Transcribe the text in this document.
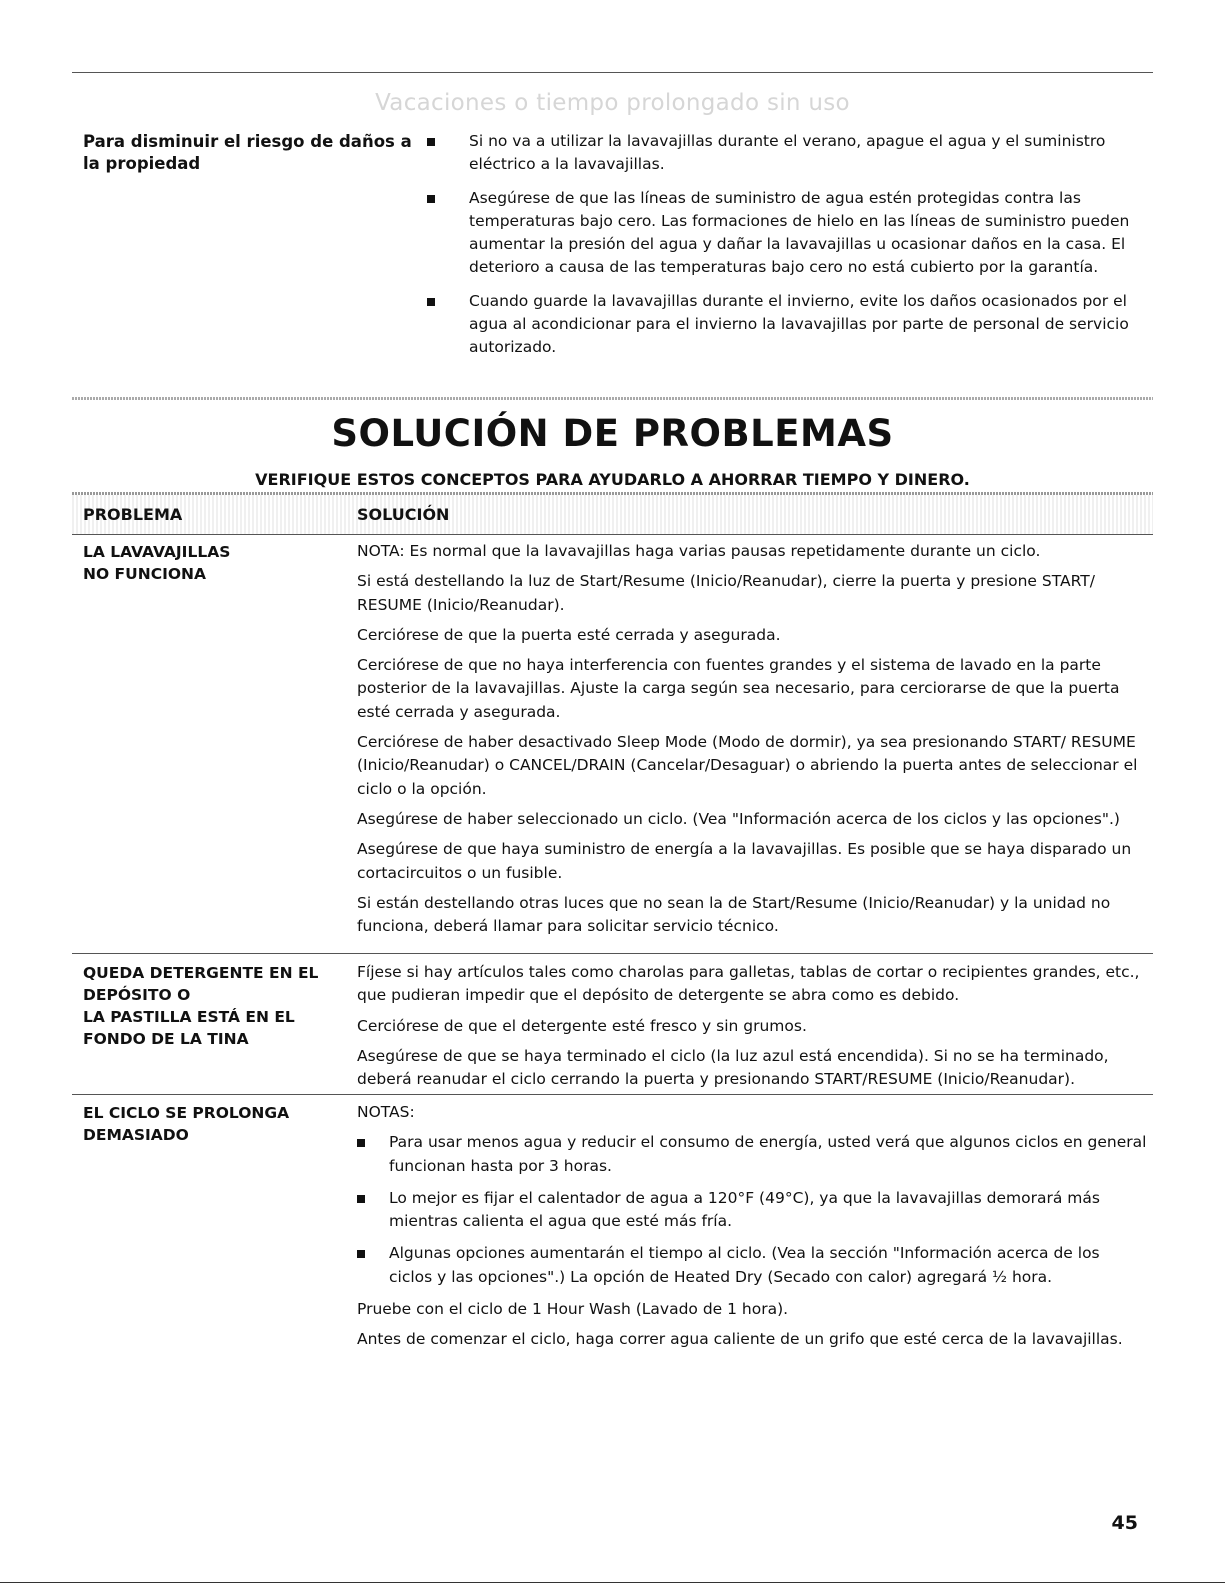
Vacaciones o tiempo prolongado sin uso
Para disminuir el riesgo de daños a la propiedad
Si no va a utilizar la lavavajillas durante el verano, apague el agua y el suministro eléctrico a la lavavajillas.
Asegúrese de que las líneas de suministro de agua estén protegidas contra las temperaturas bajo cero. Las formaciones de hielo en las líneas de suministro pueden aumentar la presión del agua y dañar la lavavajillas u ocasionar daños en la casa. El deterioro a causa de las temperaturas bajo cero no está cubierto por la garantía.
Cuando guarde la lavavajillas durante el invierno, evite los daños ocasionados por el agua al acondicionar para el invierno la lavavajillas por parte de personal de servicio autorizado.
SOLUCIÓN DE PROBLEMAS
VERIFIQUE ESTOS CONCEPTOS PARA AYUDARLO A AHORRAR TIEMPO Y DINERO.
PROBLEMA	SOLUCIÓN

LA LAVAVAJILLAS

NO FUNCIONA

NOTA: Es normal que la lavavajillas haga varias pausas repetidamente durante un ciclo.

Si está destellando la luz de Start/Resume (Inicio/Reanudar), cierre la puerta y presione START/ RESUME (Inicio/Reanudar).

Cerciórese de que la puerta esté cerrada y asegurada.

Cerciórese de que no haya interferencia con fuentes grandes y el sistema de lavado en la parte posterior de la lavavajillas. Ajuste la carga según sea necesario, para cerciorarse de que la puerta esté cerrada y asegurada.

Cerciórese de haber desactivado Sleep Mode (Modo de dormir), ya sea presionando START/ RESUME (Inicio/Reanudar) o CANCEL/DRAIN (Cancelar/Desaguar) o abriendo la puerta antes de seleccionar el ciclo o la opción.

Asegúrese de haber seleccionado un ciclo. (Vea "Información acerca de los ciclos y las opciones".)

Asegúrese de que haya suministro de energía a la lavavajillas. Es posible que se haya disparado un cortacircuitos o un fusible.

Si están destellando otras luces que no sean la de Start/Resume (Inicio/Reanudar) y la unidad no funciona, deberá llamar para solicitar servicio técnico.

QUEDA DETERGENTE EN EL DEPÓSITO O

LA PASTILLA ESTÁ EN EL FONDO DE LA TINA

Fíjese si hay artículos tales como charolas para galletas, tablas de cortar o recipientes grandes, etc., que pudieran impedir que el depósito de detergente se abra como es debido.

Cerciórese de que el detergente esté fresco y sin grumos.

Asegúrese de que se haya terminado el ciclo (la luz azul está encendida). Si no se ha terminado, deberá reanudar el ciclo cerrando la puerta y presionando START/RESUME (Inicio/Reanudar).

EL CICLO SE PROLONGA DEMASIADO

NOTAS:

Para usar menos agua y reducir el consumo de energía, usted verá que algunos ciclos en general funcionan hasta por 3 horas.
Lo mejor es fijar el calentador de agua a 120°F (49°C), ya que la lavavajillas demorará más mientras calienta el agua que esté más fría.
Algunas opciones aumentarán el tiempo al ciclo. (Vea la sección "Información acerca de los ciclos y las opciones".) La opción de Heated Dry (Secado con calor) agregará ½ hora.

Pruebe con el ciclo de 1 Hour Wash (Lavado de 1 hora).

Antes de comenzar el ciclo, haga correr agua caliente de un grifo que esté cerca de la lavavajillas.

45
